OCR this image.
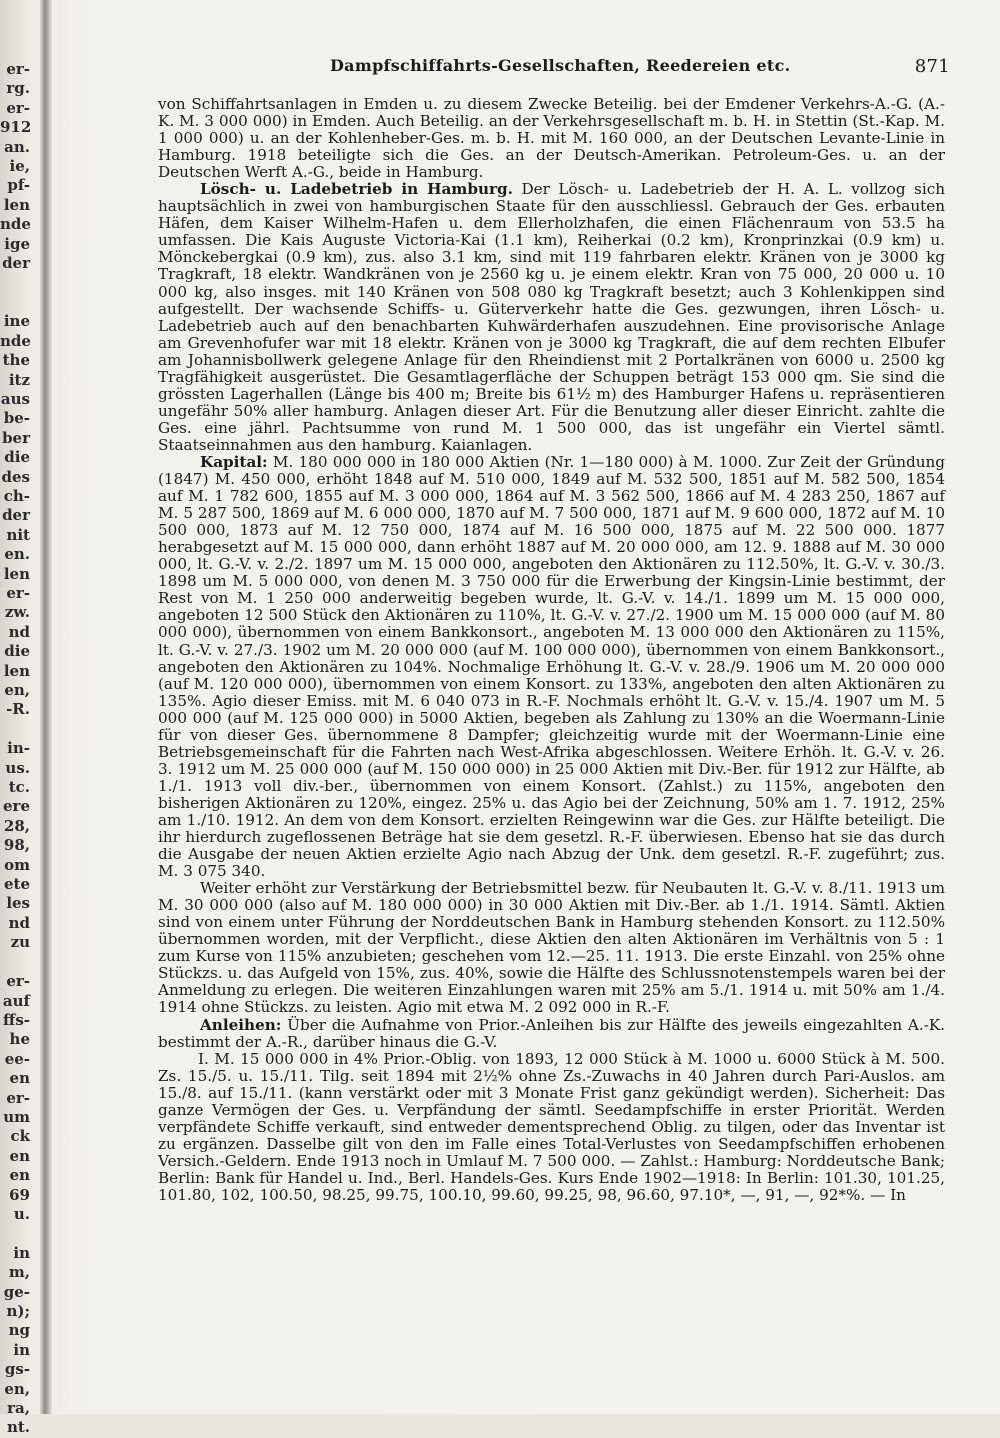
er-
rg.
er-
912
an.
ie,
pf-
len
nde
ige
der

ine
nde
the
itz
aus
be-
ber
die
des
ch-
der
nit
en.
len
er-
zw.
nd
die
len
en,
-R.

in-
us.
tc.
ere
28,
98,
om
ete
les
nd
zu

er-
auf
ffs-
he
ee-
en
er-
um
ck
en
en
69
u.

in
m,
ge-
n);
ng
in
gs-
en,
ra,
nt.
Dampfschiffahrts-Gesellschaften, Reedereien etc.	871

von Schiffahrtsanlagen in Emden u. zu diesem Zwecke Beteilig. bei der Emdener Verkehrs-A.-G. (A.-K. M. 3 000 000) in Emden. Auch Beteilig. an der Verkehrsgesellschaft m. b. H. in Stettin (St.-Kap. M. 1 000 000) u. an der Kohlenheber-Ges. m. b. H. mit M. 160 000, an der Deutschen Levante-Linie in Hamburg. 1918 beteiligte sich die Ges. an der Deutsch-Amerikan. Petroleum-Ges. u. an der Deutschen Werft A.-G., beide in Hamburg.

Lösch- u. Ladebetrieb in Hamburg. Der Lösch- u. Ladebetrieb der H. A. L. vollzog sich hauptsächlich in zwei von hamburgischen Staate für den ausschliessl. Gebrauch der Ges. erbauten Häfen, dem Kaiser Wilhelm-Hafen u. dem Ellerholzhafen, die einen Flächenraum von 53.5 ha umfassen. Die Kais Auguste Victoria-Kai (1.1 km), Reiherkai (0.2 km), Kronprinzkai (0.9 km) u. Mönckebergkai (0.9 km), zus. also 3.1 km, sind mit 119 fahrbaren elektr. Kränen von je 3000 kg Tragkraft, 18 elektr. Wandkränen von je 2560 kg u. je einem elektr. Kran von 75 000, 20 000 u. 10 000 kg, also insges. mit 140 Kränen von 508 080 kg Tragkraft besetzt; auch 3 Kohlenkippen sind aufgestellt. Der wachsende Schiffs- u. Güterverkehr hatte die Ges. gezwungen, ihren Lösch- u. Ladebetrieb auch auf den benachbarten Kuhwärderhafen auszudehnen. Eine provisorische Anlage am Grevenhofufer war mit 18 elektr. Kränen von je 3000 kg Tragkraft, die auf dem rechten Elbufer am Johannisbollwerk gelegene Anlage für den Rheindienst mit 2 Portalkränen von 6000 u. 2500 kg Tragfähigkeit ausgerüstet. Die Gesamtlagerfläche der Schuppen beträgt 153 000 qm. Sie sind die grössten Lagerhallen (Länge bis 400 m; Breite bis 61½ m) des Hamburger Hafens u. repräsentieren ungefähr 50% aller hamburg. Anlagen dieser Art. Für die Benutzung aller dieser Einricht. zahlte die Ges. eine jährl. Pachtsumme von rund M. 1 500 000, das ist ungefähr ein Viertel sämtl. Staatseinnahmen aus den hamburg. Kaianlagen.

Kapital: M. 180 000 000 in 180 000 Aktien (Nr. 1—180 000) à M. 1000. Zur Zeit der Gründung (1847) M. 450 000, erhöht 1848 auf M. 510 000, 1849 auf M. 532 500, 1851 auf M. 582 500, 1854 auf M. 1 782 600, 1855 auf M. 3 000 000, 1864 auf M. 3 562 500, 1866 auf M. 4 283 250, 1867 auf M. 5 287 500, 1869 auf M. 6 000 000, 1870 auf M. 7 500 000, 1871 auf M. 9 600 000, 1872 auf M. 10 500 000, 1873 auf M. 12 750 000, 1874 auf M. 16 500 000, 1875 auf M. 22 500 000. 1877 herabgesetzt auf M. 15 000 000, dann erhöht 1887 auf M. 20 000 000, am 12. 9. 1888 auf M. 30 000 000, lt. G.-V. v. 2./2. 1897 um M. 15 000 000, angeboten den Aktionären zu 112.50%, lt. G.-V. v. 30./3. 1898 um M. 5 000 000, von denen M. 3 750 000 für die Erwerbung der Kingsin-Linie bestimmt, der Rest von M. 1 250 000 anderweitig begeben wurde, lt. G.-V. v. 14./1. 1899 um M. 15 000 000, angeboten 12 500 Stück den Aktionären zu 110%, lt. G.-V. v. 27./2. 1900 um M. 15 000 000 (auf M. 80 000 000), übernommen von einem Bankkonsort., angeboten M. 13 000 000 den Aktionären zu 115%, lt. G.-V. v. 27./3. 1902 um M. 20 000 000 (auf M. 100 000 000), übernommen von einem Bankkonsort., angeboten den Aktionären zu 104%. Nochmalige Erhöhung lt. G.-V. v. 28./9. 1906 um M. 20 000 000 (auf M. 120 000 000), übernommen von einem Konsort. zu 133%, angeboten den alten Aktionären zu 135%. Agio dieser Emiss. mit M. 6 040 073 in R.-F. Nochmals erhöht lt. G.-V. v. 15./4. 1907 um M. 5 000 000 (auf M. 125 000 000) in 5000 Aktien, begeben als Zahlung zu 130% an die Woermann-Linie für von dieser Ges. übernommene 8 Dampfer; gleichzeitig wurde mit der Woermann-Linie eine Betriebsgemeinschaft für die Fahrten nach West-Afrika abgeschlossen. Weitere Erhöh. lt. G.-V. v. 26. 3. 1912 um M. 25 000 000 (auf M. 150 000 000) in 25 000 Aktien mit Div.-Ber. für 1912 zur Hälfte, ab 1./1. 1913 voll div.-ber., übernommen von einem Konsort. (Zahlst.) zu 115%, angeboten den bisherigen Aktionären zu 120%, eingez. 25% u. das Agio bei der Zeichnung, 50% am 1. 7. 1912, 25% am 1./10. 1912. An dem von dem Konsort. erzielten Reingewinn war die Ges. zur Hälfte beteiligt. Die ihr hierdurch zugeflossenen Beträge hat sie dem gesetzl. R.-F. überwiesen. Ebenso hat sie das durch die Ausgabe der neuen Aktien erzielte Agio nach Abzug der Unk. dem gesetzl. R.-F. zugeführt; zus. M. 3 075 340.

Weiter erhöht zur Verstärkung der Betriebsmittel bezw. für Neubauten lt. G.-V. v. 8./11. 1913 um M. 30 000 000 (also auf M. 180 000 000) in 30 000 Aktien mit Div.-Ber. ab 1./1. 1914. Sämtl. Aktien sind von einem unter Führung der Norddeutschen Bank in Hamburg stehenden Konsort. zu 112.50% übernommen worden, mit der Verpflicht., diese Aktien den alten Aktionären im Verhältnis von 5 : 1 zum Kurse von 115% anzubieten; geschehen vom 12.—25. 11. 1913. Die erste Einzahl. von 25% ohne Stückzs. u. das Aufgeld von 15%, zus. 40%, sowie die Hälfte des Schlussnotenstempels waren bei der Anmeldung zu erlegen. Die weiteren Einzahlungen waren mit 25% am 5./1. 1914 u. mit 50% am 1./4. 1914 ohne Stückzs. zu leisten. Agio mit etwa M. 2 092 000 in R.-F.

Anleihen: Über die Aufnahme von Prior.-Anleihen bis zur Hälfte des jeweils eingezahlten A.-K. bestimmt der A.-R., darüber hinaus die G.-V.

I. M. 15 000 000 in 4% Prior.-Oblig. von 1893, 12 000 Stück à M. 1000 u. 6000 Stück à M. 500. Zs. 15./5. u. 15./11. Tilg. seit 1894 mit 2½% ohne Zs.-Zuwachs in 40 Jahren durch Pari-Auslos. am 15./8. auf 15./11. (kann verstärkt oder mit 3 Monate Frist ganz gekündigt werden). Sicherheit: Das ganze Vermögen der Ges. u. Verpfändung der sämtl. Seedampfschiffe in erster Priorität. Werden verpfändete Schiffe verkauft, sind entweder dementsprechend Oblig. zu tilgen, oder das Inventar ist zu ergänzen. Dasselbe gilt von den im Falle eines Total-Verlustes von Seedampfschiffen erhobenen Versich.-Geldern. Ende 1913 noch in Umlauf M. 7 500 000. — Zahlst.: Hamburg: Norddeutsche Bank; Berlin: Bank für Handel u. Ind., Berl. Handels-Ges. Kurs Ende 1902—1918: In Berlin: 101.30, 101.25, 101.80, 102, 100.50, 98.25, 99.75, 100.10, 99.60, 99.25, 98, 96.60, 97.10*, —, 91, —, 92*%. — In
